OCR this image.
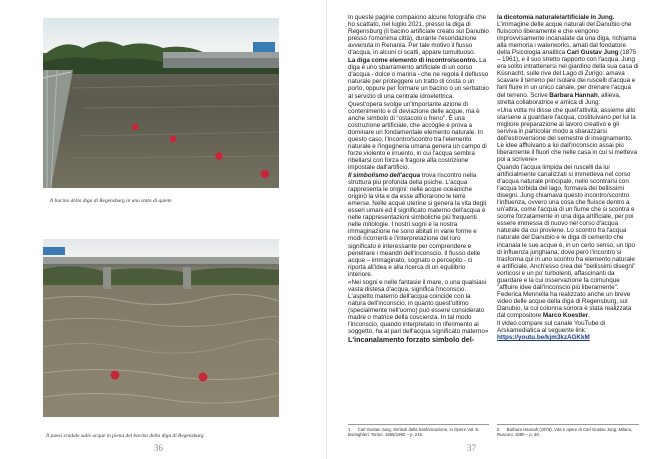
Il bacino della diga di Regensburg in uno stato di quiete
Il paesi sradale sulle acque in piena del bacino della diga di Regensburg
36

In queste pagine compaiono alcune fotografie che ho scattato, nel luglio 2021, presso la diga di Regensburg (il bacino artificiale creato sul Danubio presso l'omonima città), durante l'esondazione avvenuta in Renania. Per tale motivo il flusso d'acqua, in alcuni ci scatti, appare tumultuoso.

La diga come elemento di incontro/scontro. La diga è uno sbarramento artificiale di un corso d'acqua - dolce o marina - che ne regola il deflusso naturale per proteggere un tratto di costa o un porto, oppure per formare un bacino o un serbatoio al servizio di una centrale idroelettrica.

Quest'opera svolge un'importante azione di contenimento e di deviazione delle acque, ma è anche simbolo di "ostacolo o freno". È una costruzione artificiale, che accoglie e prova a dominare un fondamentale elemento naturale. In questo caso, l'incontro/scontro tra l'elemento naturale e l'ingegneria umana genera un campo di forze violento e irruento, in cui l'acqua sembra ribellarsi con forza e fragore alla costrizione impostale dall'artificio.

Il simbolismo dell'acqua trova riscontro nella struttura più profonda della psiche. L'acqua rappresenta le origini: nelle acque oceaniche originò la vita e da esse affiorarono le terre emerse. Nelle acque uterine si genera la vita degli esseri umani ed il significato materno dell'acqua è nelle rappresentazioni simboliche più frequenti nelle mitologie. I nostri sogni e la nostra immaginazione ne sono abitati in varie forme e modi ricorrenti e l'interpretazione del loro significato è interessante per comprendere e penetrare i meandri dell'inconscio. Il flusso delle acque – immaginato, sognato o percepito - ci riporta all'idea e alla ricerca di un equilibrio interiore.

«Nei sogni e nelle fantasie il mare, o una qualsiasi vasta distesa d'acqua, significa l'inconscio. L'aspetto materno dell'acqua coincide con la natura dell'inconscio, in quanto quest'ultimo (specialmente nell'uomo) può essere considerato madre o matrice della coscienza. In tal modo l'inconscio, quando interpretato in riferimento al soggetto, ha al pari dell'acqua significato materno»

L'incanalamento forzato simbolo del-

la dicotomia naturale/artificiale in Jung. L'immagine delle acque naturali del Danubio che fluiscono liberamente e che vengono improvvisamente incanalate da una diga, richiama alla memoria i waterworks, amati dal fondatore della Psicologia analitica Carl Gustav Jung (1875 – 1961), e il suo stretto rapporto con l'acqua. Jung era solito intrattenersi nel giardino della sua casa di Küsnacht, sulle rive del Lago di Zurigo: amava scavare il terreno per isolare dei ruscelli d'acqua e farli fluire in un unico canale, per drenare l'acqua del terreno. Scrive Barbara Hannah, allieva, stretta collaboratrice e amica di Jung:

«Una volta mi disse che quell'attività, assieme allo starsene a guardare l'acqua, costituivano per lui la migliore preparazione al lavoro creativo e gli serviva in particolar modo a sbarazzarsi dell'estroversione del semestre di insegnamento. Le idee affluivano a lui dall'inconscio assai più liberamente il fluori che nelle casa in cui si metteva poi a scrivere»

Quando l'acqua limpida dei ruscelli da lui artificialmente canalizzati si immetteva nel corso d'acqua naturale principale, nello scontrarsi con l'acqua torbida del lago, formava dei bellissimi disegni. Jung chiamava questo incontro/scontro l'influenza, ovvero una cosa che fluisce dentro a un'altra, come l'acqua di un fiume che si scontra e scorre forzatamente in una diga artificiale, per poi essere immessa di nuovo nel corso d'acqua naturale da cui proviene. Lo scontro fra l'acqua naturale del Danubio e le diga di cemento che incanala le sue acque è, in un certo senso, un tipo di influenza junghiana, dove però l'incontro si trasforma qui in uno scontro fra elemento naturale e artificiale. Anch'esso crea dei "bellissimi disegni" vorticosi e un po' turbolenti, affascinanti da guardare e la cui osservazione fa comunque "affluire idee dall'inconscio più liberamente". Federica Mennella ha realizzato anche un breve video delle acque della diga di Regensburg, sul Danubio, la cui colonna sonora è stata realizzata dal compositore Marco Koestler.

Il video compare sul canale YouTube di Arskamediatica al seguente link: https://youtu.be/kjm3kzAGKkM

1 Carl Gustav Jung, Simboli della trasformazione, in Opere Vol. 5. Boringhieri: Torino. 1965/1992 – p. 215.
2 Barbara Hannah (1976). Vita e opere di Carl Gustav Jung. Milano, Rusconi. 1980 – p. 40.
37
